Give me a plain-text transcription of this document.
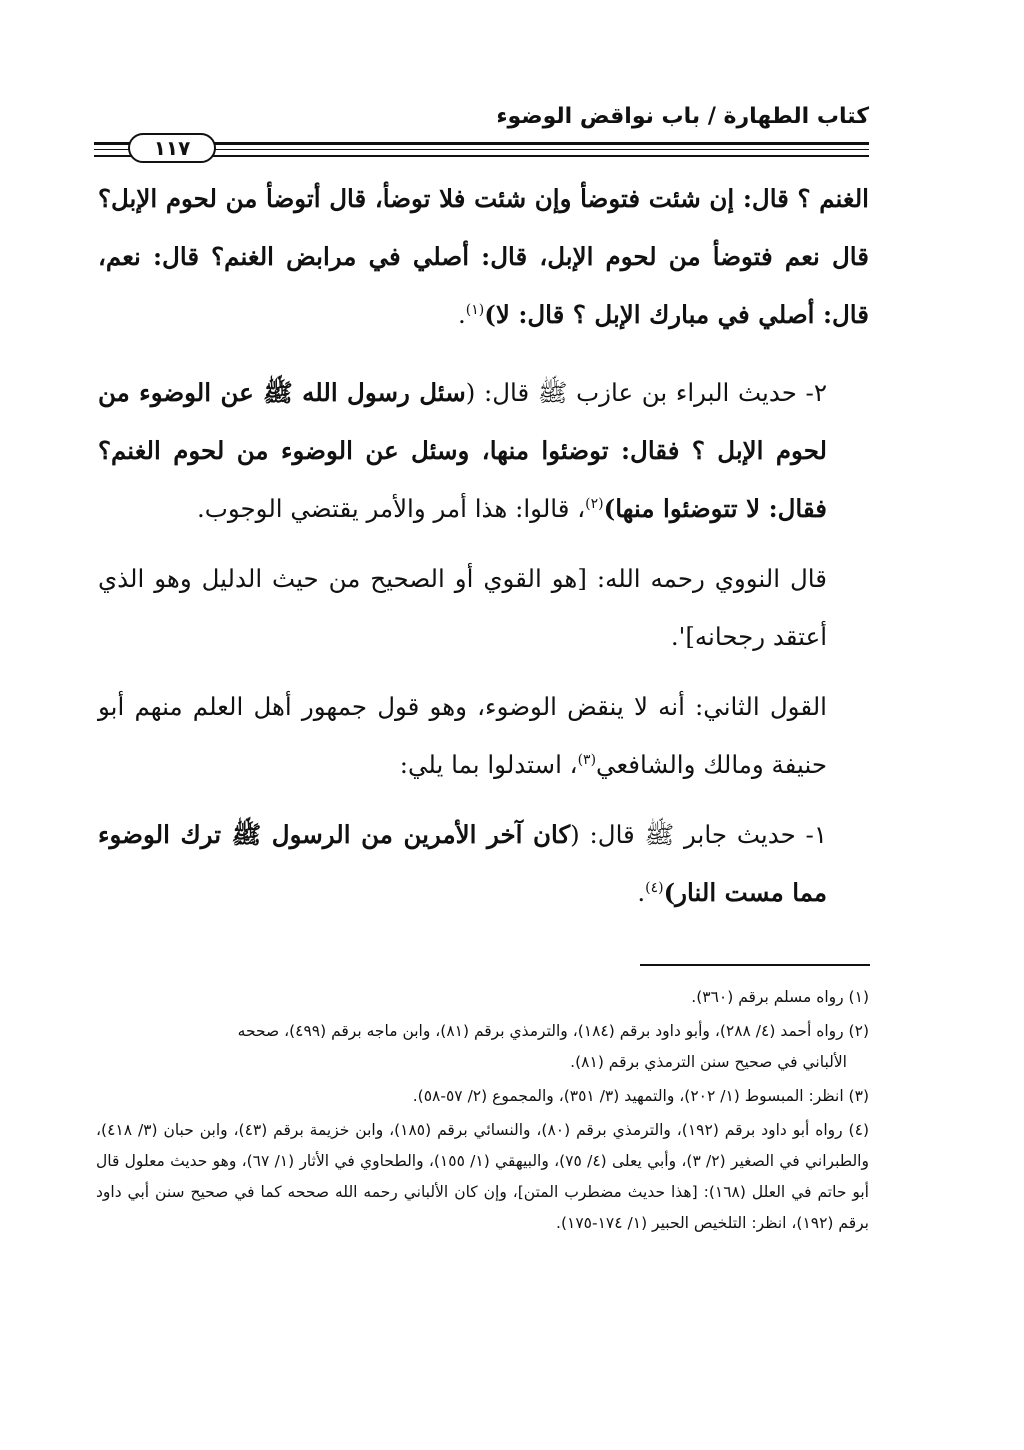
كتاب الطهارة / باب نواقض الوضوء
١١٧

الغنم ؟ قال: إن شئت فتوضأ وإن شئت فلا توضأ، قال أتوضأ من لحوم الإبل؟ قال نعم فتوضأ من لحوم الإبل، قال: أصلي في مرابض الغنم؟ قال: نعم، قال: أصلي في مبارك الإبل ؟ قال: لا)$^{(١)}$.

٢- حديث البراء بن عازب ﷺ قال: (سئل رسول الله ﷺ عن الوضوء من لحوم الإبل ؟ فقال: توضئوا منها، وسئل عن الوضوء من لحوم الغنم؟ فقال: لا تتوضئوا منها)$^{(٢)}$، قالوا: هذا أمر والأمر يقتضي الوجوب.

قال النووي رحمه الله: [هو القوي أو الصحيح من حيث الدليل وهو الذي أعتقد رجحانه]'.

القول الثاني: أنه لا ينقض الوضوء، وهو قول جمهور أهل العلم منهم أبو حنيفة ومالك والشافعي$^{(٣)}$، استدلوا بما يلي:

١- حديث جابر ﷺ قال: (كان آخر الأمرين من الرسول ﷺ ترك الوضوء مما مست النار)$^{(٤)}$.

(١) رواه مسلم برقم (٣٦٠).

(٢) رواه أحمد (٤/ ٢٨٨)، وأبو داود برقم (١٨٤)، والترمذي برقم (٨١)، وابن ماجه برقم (٤٩٩)، صححه
الألباني في صحيح سنن الترمذي برقم (٨١).

(٣) انظر: المبسوط (١/ ٢٠٢)، والتمهيد (٣/ ٣٥١)، والمجموع (٢/ ٥٧-٥٨).

(٤) رواه أبو داود برقم (١٩٢)، والترمذي برقم (٨٠)، والنسائي برقم (١٨٥)، وابن خزيمة برقم (٤٣)، وابن حبان (٣/ ٤١٨)، والطبراني في الصغير (٢/ ٣)، وأبي يعلى (٤/ ٧٥)، والبيهقي (١/ ١٥٥)، والطحاوي في الأثار (١/ ٦٧)، وهو حديث معلول قال أبو حاتم في العلل (١٦٨): [هذا حديث مضطرب المتن]، وإن كان الألباني رحمه الله صححه كما في صحيح سنن أبي داود برقم (١٩٢)، انظر: التلخيص الحبير (١/ ١٧٤-١٧٥).
